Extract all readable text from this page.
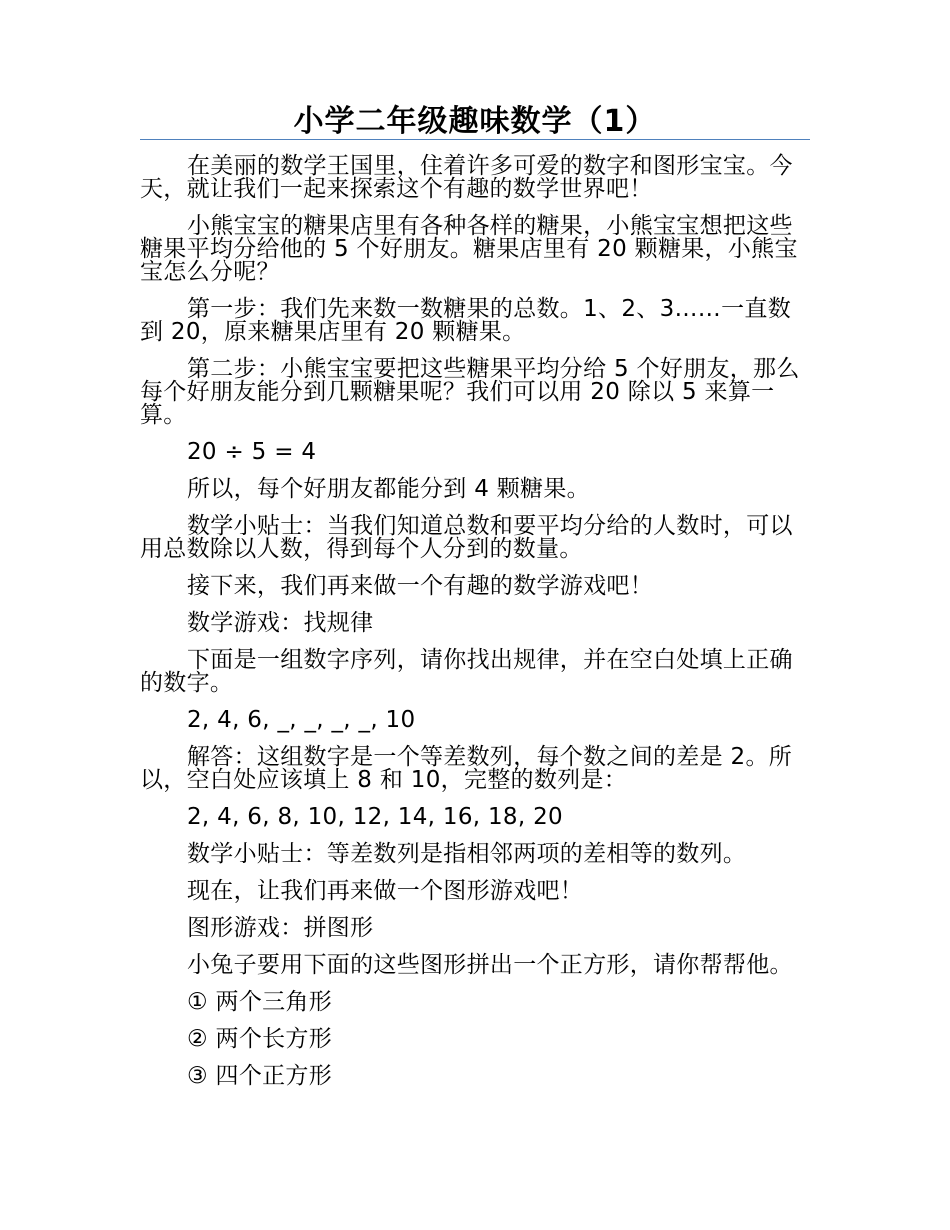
小学二年级趣味数学（1）

在美丽的数学王国里，住着许多可爱的数字和图形宝宝。今天，就让我们一起来探索这个有趣的数学世界吧！

小熊宝宝的糖果店里有各种各样的糖果，小熊宝宝想把这些糖果平均分给他的 5 个好朋友。糖果店里有 20 颗糖果，小熊宝宝怎么分呢？

第一步：我们先来数一数糖果的总数。1、2、3……一直数到 20，原来糖果店里有 20 颗糖果。

第二步：小熊宝宝要把这些糖果平均分给 5 个好朋友，那么每个好朋友能分到几颗糖果呢？我们可以用 20 除以 5 来算一算。

20 ÷ 5 = 4

所以，每个好朋友都能分到 4 颗糖果。

数学小贴士：当我们知道总数和要平均分给的人数时，可以用总数除以人数，得到每个人分到的数量。

接下来，我们再来做一个有趣的数学游戏吧！

数学游戏：找规律

下面是一组数字序列，请你找出规律，并在空白处填上正确的数字。

2, 4, 6, _, _, _, _, 10

解答：这组数字是一个等差数列，每个数之间的差是 2。所以，空白处应该填上 8 和 10，完整的数列是：

2, 4, 6, 8, 10, 12, 14, 16, 18, 20

数学小贴士：等差数列是指相邻两项的差相等的数列。

现在，让我们再来做一个图形游戏吧！

图形游戏：拼图形

小兔子要用下面的这些图形拼出一个正方形，请你帮帮他。

① 两个三角形

② 两个长方形

③ 四个正方形
